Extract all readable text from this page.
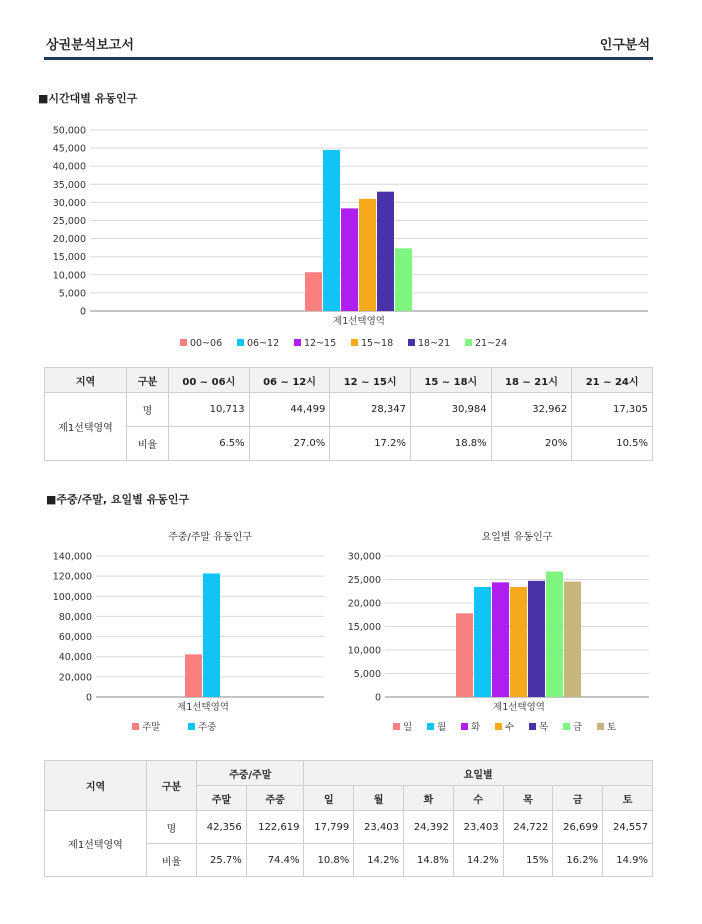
상권분석보고서	인구분석
■시간대별 유동인구
50,000
45,000
40,000
35,000
30,000
25,000
20,000
15,000
10,000
5,000
0
제1선택영역
00~06	06~12	12~15	15~18	18~21	21~24
지역	구분	00 ~ 06시	06 ~ 12시	12 ~ 15시	15 ~ 18시	18 ~ 21시	21 ~ 24시
제1선택영역	명	10,713	44,499	28,347	30,984	32,962	17,305
	비율	6.5%	27.0%	17.2%	18.8%	20%	10.5%
■주중/주말, 요일별 유동인구
주중/주말 유동인구
140,000
120,000
100,000
80,000
60,000
40,000
20,000
0
제1선택영역
주말	주중
요일별 유동인구
30,000
25,000
20,000
15,000
10,000
5,000
0
제1선택영역
일	월	화	수	목	금	토
지역	구분	주중/주말		요일별						
		주말	주중	일	월	화	수	목	금	토
제1선택영역	명	42,356	122,619	17,799	23,403	24,392	23,403	24,722	26,699	24,557
	비율	25.7%	74.4%	10.8%	14.2%	14.8%	14.2%	15%	16.2%	14.9%
